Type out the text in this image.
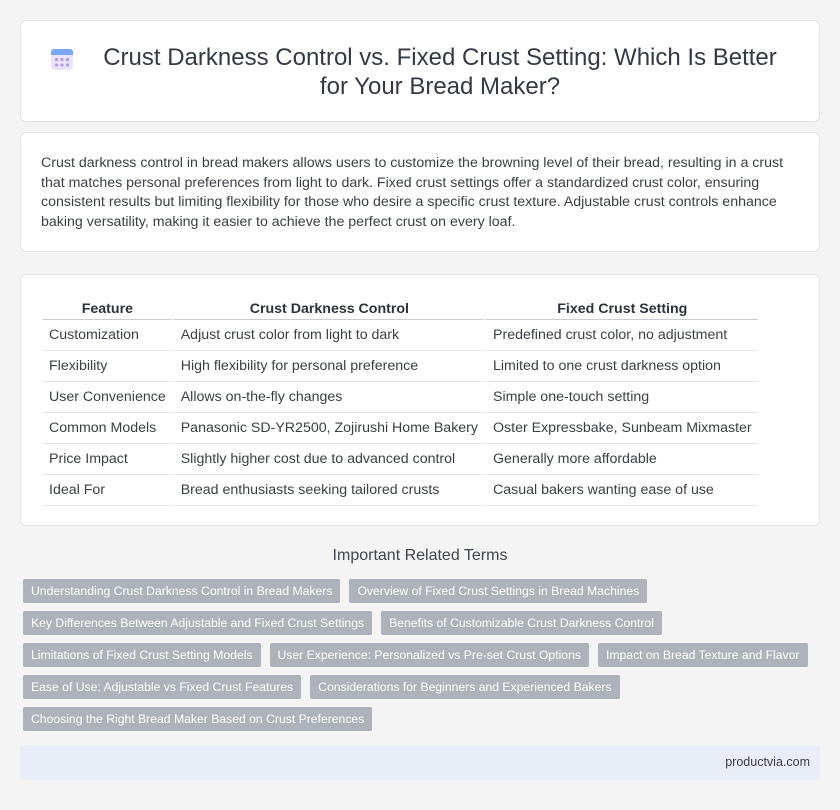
Crust Darkness Control vs. Fixed Crust Setting: Which Is Better for Your Bread Maker?

Crust darkness control in bread makers allows users to customize the browning level of their bread, resulting in a crust that matches personal preferences from light to dark. Fixed crust settings offer a standardized crust color, ensuring consistent results but limiting flexibility for those who desire a specific crust texture. Adjustable crust controls enhance baking versatility, making it easier to achieve the perfect crust on every loaf.

Feature	Crust Darkness Control	Fixed Crust Setting
Customization	Adjust crust color from light to dark	Predefined crust color, no adjustment
Flexibility	High flexibility for personal preference	Limited to one crust darkness option
User Convenience	Allows on-the-fly changes	Simple one-touch setting
Common Models	Panasonic SD-YR2500, Zojirushi Home Bakery	Oster Expressbake, Sunbeam Mixmaster
Price Impact	Slightly higher cost due to advanced control	Generally more affordable
Ideal For	Bread enthusiasts seeking tailored crusts	Casual bakers wanting ease of use
Important Related Terms
Understanding Crust Darkness Control in Bread Makers	Overview of Fixed Crust Settings in Bread Machines
Key Differences Between Adjustable and Fixed Crust Settings	Benefits of Customizable Crust Darkness Control
Limitations of Fixed Crust Setting Models	User Experience: Personalized vs Pre-set Crust Options	Impact on Bread Texture and Flavor
Ease of Use: Adjustable vs Fixed Crust Features	Considerations for Beginners and Experienced Bakers
Choosing the Right Bread Maker Based on Crust Preferences
productvia.com
